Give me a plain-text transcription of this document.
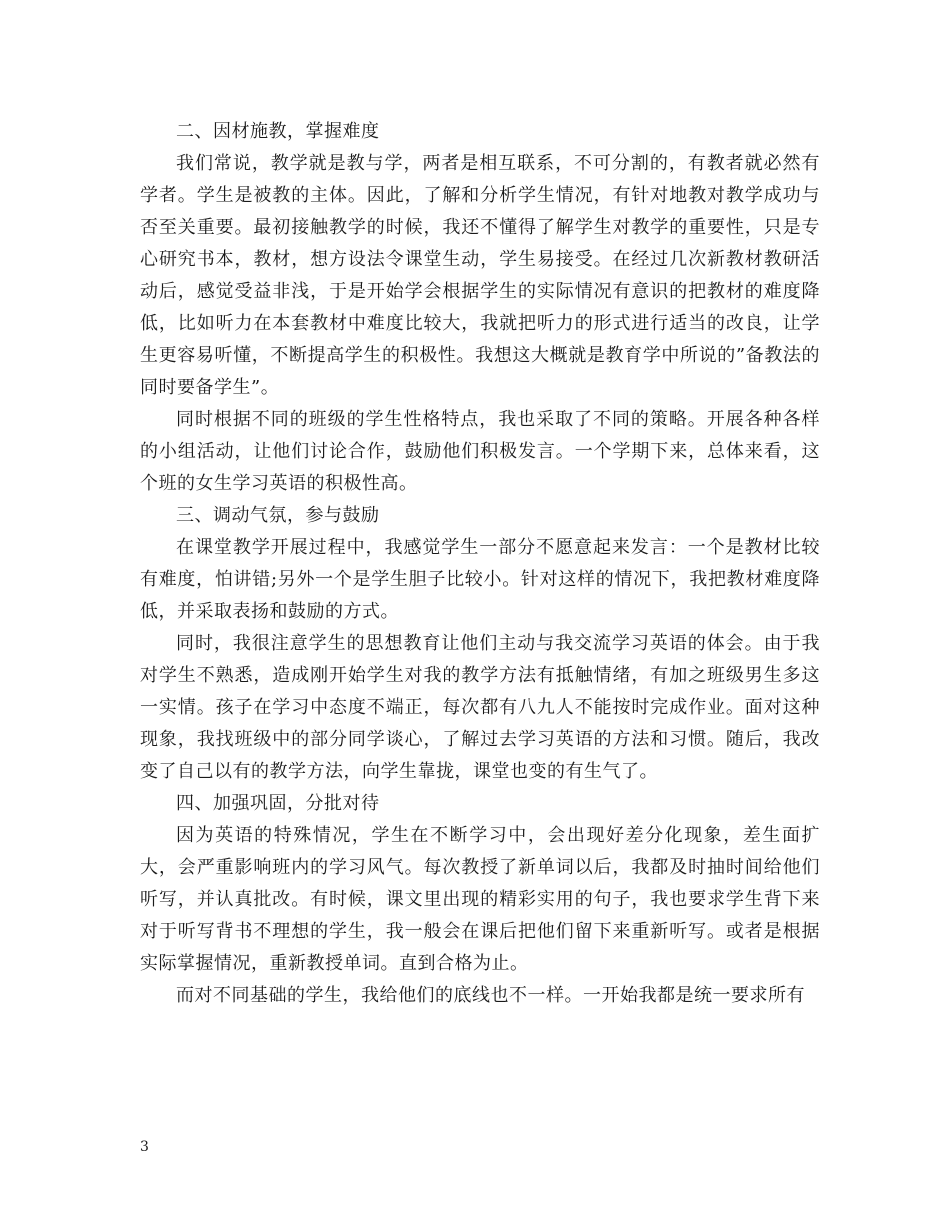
二、因材施教，掌握难度

我们常说，教学就是教与学，两者是相互联系，不可分割的，有教者就必然有学者。学生是被教的主体。因此，了解和分析学生情况，有针对地教对教学成功与否至关重要。最初接触教学的时候，我还不懂得了解学生对教学的重要性，只是专心研究书本，教材，想方设法令课堂生动，学生易接受。在经过几次新教材教研活动后，感觉受益非浅，于是开始学会根据学生的实际情况有意识的把教材的难度降低，比如听力在本套教材中难度比较大，我就把听力的形式进行适当的改良，让学生更容易听懂，不断提高学生的积极性。我想这大概就是教育学中所说的”备教法的同时要备学生”。

同时根据不同的班级的学生性格特点，我也采取了不同的策略。开展各种各样的小组活动，让他们讨论合作，鼓励他们积极发言。一个学期下来，总体来看，这个班的女生学习英语的积极性高。

三、调动气氛，参与鼓励

在课堂教学开展过程中，我感觉学生一部分不愿意起来发言：一个是教材比较有难度，怕讲错;另外一个是学生胆子比较小。针对这样的情况下，我把教材难度降低，并采取表扬和鼓励的方式。

同时，我很注意学生的思想教育让他们主动与我交流学习英语的体会。由于我对学生不熟悉，造成刚开始学生对我的教学方法有抵触情绪，有加之班级男生多这一实情。孩子在学习中态度不端正，每次都有八九人不能按时完成作业。面对这种现象，我找班级中的部分同学谈心，了解过去学习英语的方法和习惯。随后，我改变了自己以有的教学方法，向学生靠拢，课堂也变的有生气了。

四、加强巩固，分批对待

因为英语的特殊情况，学生在不断学习中，会出现好差分化现象，差生面扩大，会严重影响班内的学习风气。每次教授了新单词以后，我都及时抽时间给他们听写，并认真批改。有时候，课文里出现的精彩实用的句子，我也要求学生背下来对于听写背书不理想的学生，我一般会在课后把他们留下来重新听写。或者是根据实际掌握情况，重新教授单词。直到合格为止。

而对不同基础的学生，我给他们的底线也不一样。一开始我都是统一要求所有

3
